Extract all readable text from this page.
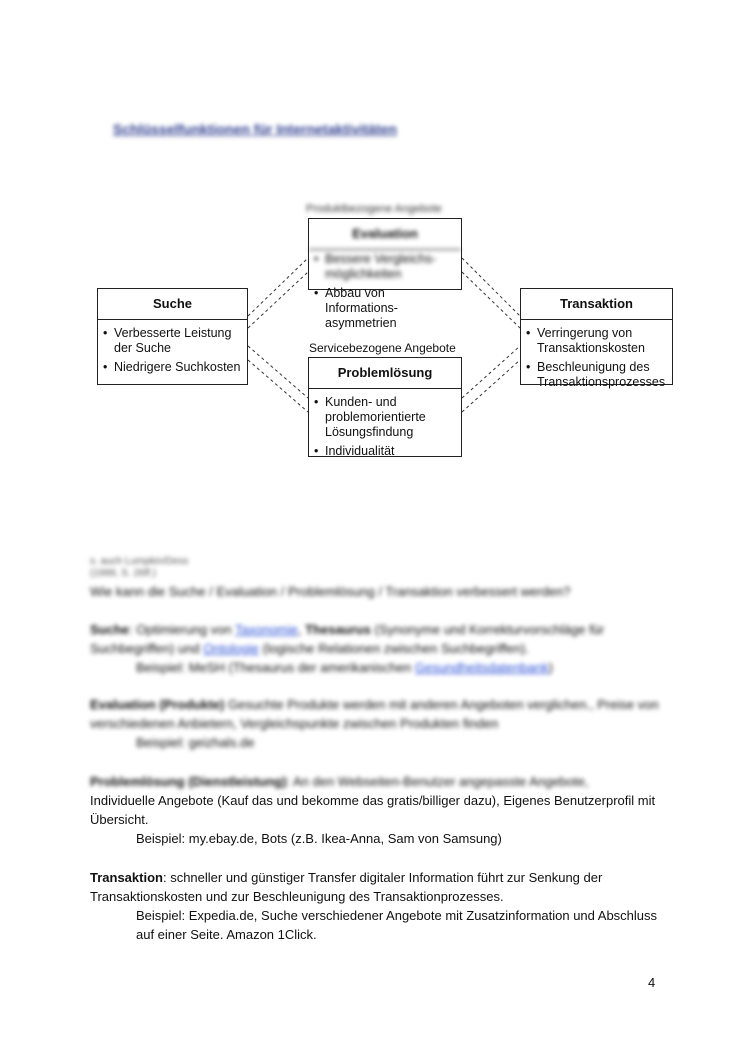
Schlüsselfunktionen für Internetaktivitäten
Produktbezogene Angebote
Evaluation
• Bessere Vergleichs-möglichkeiten
• Abbau von Informations-asymmetrien
Suche
• Verbesserte Leistung der Suche
• Niedrigere Suchkosten
Transaktion
• Verringerung von Transaktionskosten
• Beschleunigung des Transaktionsprozesses
Servicebezogene Angebote
Problemlösung
• Kunden- und problemorientierte Lösungsfindung
• Individualität
s. auch Lumpkin/Dess
(1999, S. 26ff.)
Wie kann die Suche / Evaluation / Problemlösung / Transaktion verbessert werden?
Suche: Optimierung von Taxonomie, Thesaurus (Synonyme und Korrekturvorschläge für Suchbegriffen) und Ontologie (logische Relationen zwischen Suchbegriffen).
Beispiel: MeSH (Thesaurus der amerikanischen Gesundheitsdatenbank)
Evaluation (Produkte) Gesuchte Produkte werden mit anderen Angeboten verglichen., Preise von verschiedenen Anbietern, Vergleichspunkte zwischen Produkten finden
Beispiel: geizhals.de
Problemlösung (Dienstleistung): An den Webseiten-Benutzer angepasste Angebote,
Individuelle Angebote (Kauf das und bekomme das gratis/billiger dazu), Eigenes Benutzerprofil mit Übersicht.
Beispiel: my.ebay.de, Bots (z.B. Ikea-Anna, Sam von Samsung)
Transaktion: schneller und günstiger Transfer digitaler Information führt zur Senkung der Transaktionskosten und zur Beschleunigung des Transaktionprozesses.
Beispiel: Expedia.de, Suche verschiedener Angebote mit Zusatzinformation und Abschluss auf einer Seite. Amazon 1Click.
4
